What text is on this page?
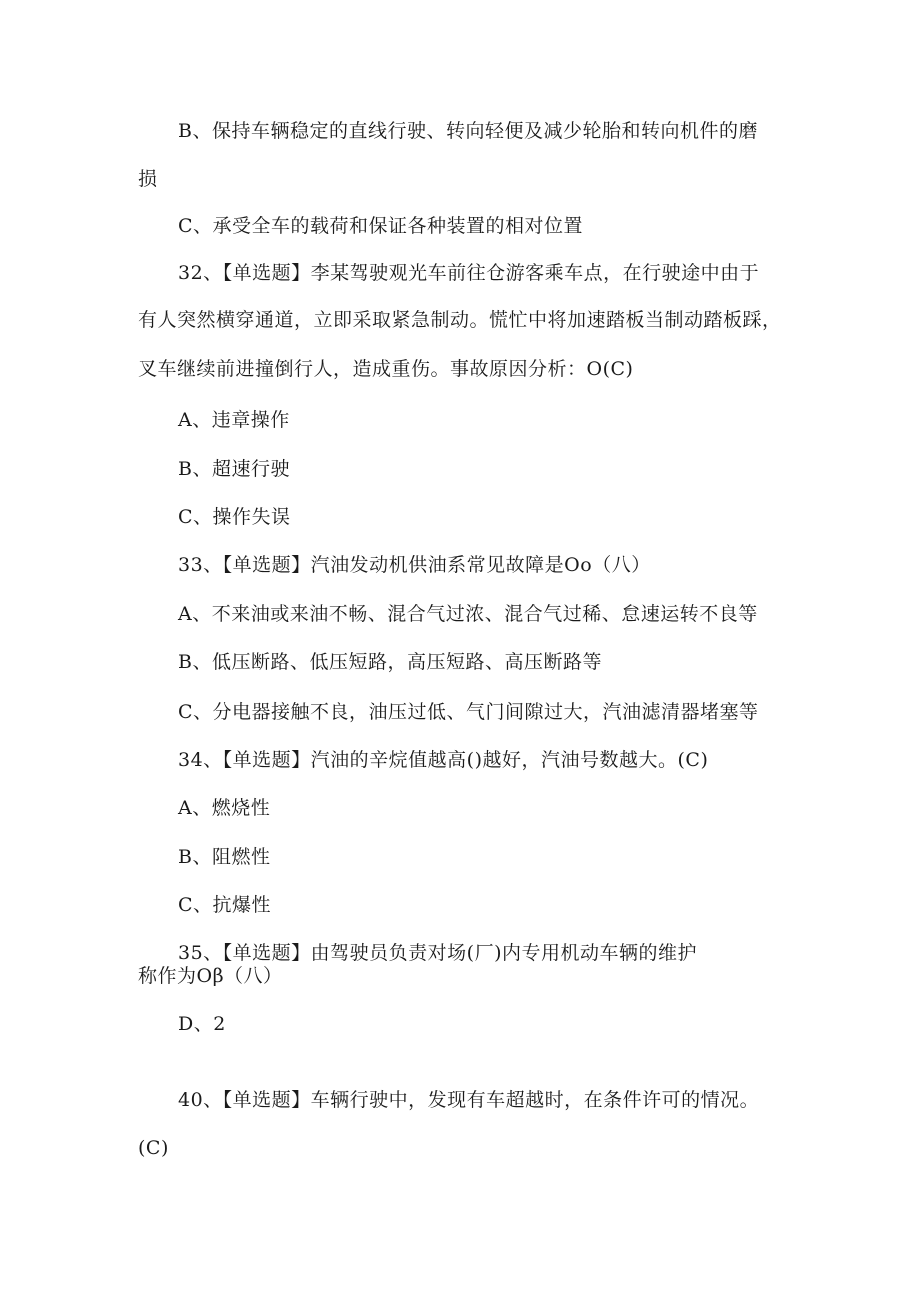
B、保持车辆稳定的直线行驶、转向轻便及减少轮胎和转向机件的磨
损
C、承受全车的载荷和保证各种装置的相对位置
32、【单选题】李某驾驶观光车前往仓游客乘车点，在行驶途中由于
有人突然横穿通道，立即采取紧急制动。慌忙中将加速踏板当制动踏板踩，
叉车继续前进撞倒行人，造成重伤。事故原因分析：O(C)
A、违章操作
B、超速行驶
C、操作失误
33、【单选题】汽油发动机供油系常见故障是Oo（八）
A、不来油或来油不畅、混合气过浓、混合气过稀、怠速运转不良等
B、低压断路、低压短路，高压短路、高压断路等
C、分电器接触不良，油压过低、气门间隙过大，汽油滤清器堵塞等
34、【单选题】汽油的辛烷值越高()越好，汽油号数越大。(C)
A、燃烧性
B、阻燃性
C、抗爆性
35、【单选题】由驾驶员负责对场(厂)内专用机动车辆的维护
称作为Oβ（八）
D、2
40、【单选题】车辆行驶中，发现有车超越时，在条件许可的情况。
(C)
